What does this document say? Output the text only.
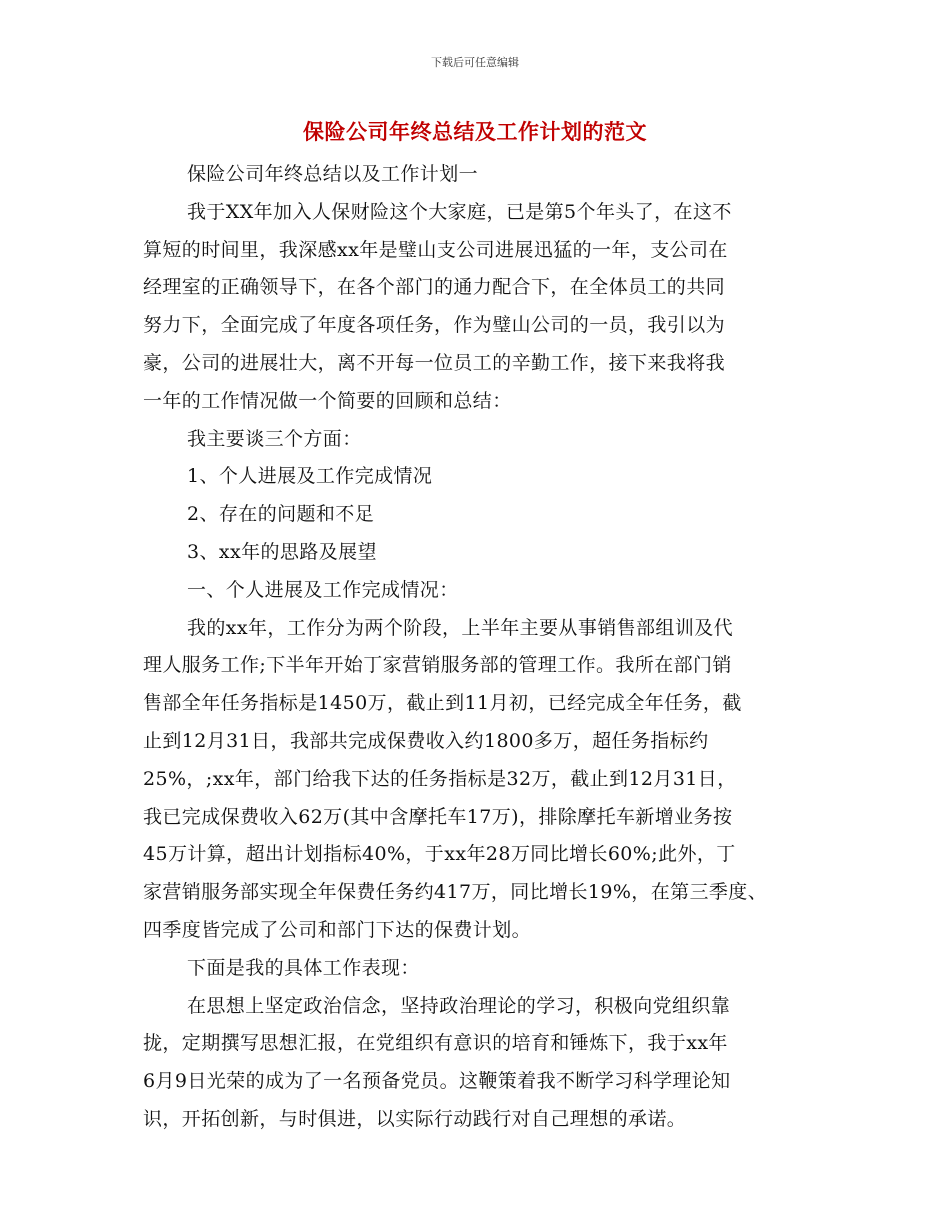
下载后可任意编辑
保险公司年终总结及工作计划的范文

保险公司年终总结以及工作计划一

我于XX年加入人保财险这个大家庭，已是第5个年头了，在这不

算短的时间里，我深感xx年是璧山支公司进展迅猛的一年，支公司在

经理室的正确领导下，在各个部门的通力配合下，在全体员工的共同

努力下，全面完成了年度各项任务，作为璧山公司的一员，我引以为

豪，公司的进展壮大，离不开每一位员工的辛勤工作，接下来我将我

一年的工作情况做一个简要的回顾和总结：

我主要谈三个方面：

1、个人进展及工作完成情况

2、存在的问题和不足

3、xx年的思路及展望

一、个人进展及工作完成情况：

我的xx年，工作分为两个阶段，上半年主要从事销售部组训及代

理人服务工作;下半年开始丁家营销服务部的管理工作。我所在部门销

售部全年任务指标是1450万，截止到11月初，已经完成全年任务，截

止到12月31日，我部共完成保费收入约1800多万，超任务指标约

25%，;xx年，部门给我下达的任务指标是32万，截止到12月31日，

我已完成保费收入62万(其中含摩托车17万)，排除摩托车新增业务按

45万计算，超出计划指标40%，于xx年28万同比增长60%;此外，丁

家营销服务部实现全年保费任务约417万，同比增长19%，在第三季度、

四季度皆完成了公司和部门下达的保费计划。

下面是我的具体工作表现：

在思想上坚定政治信念，坚持政治理论的学习，积极向党组织靠

拢，定期撰写思想汇报，在党组织有意识的培育和锤炼下，我于xx年

6月9日光荣的成为了一名预备党员。这鞭策着我不断学习科学理论知

识，开拓创新，与时俱进，以实际行动践行对自己理想的承诺。
